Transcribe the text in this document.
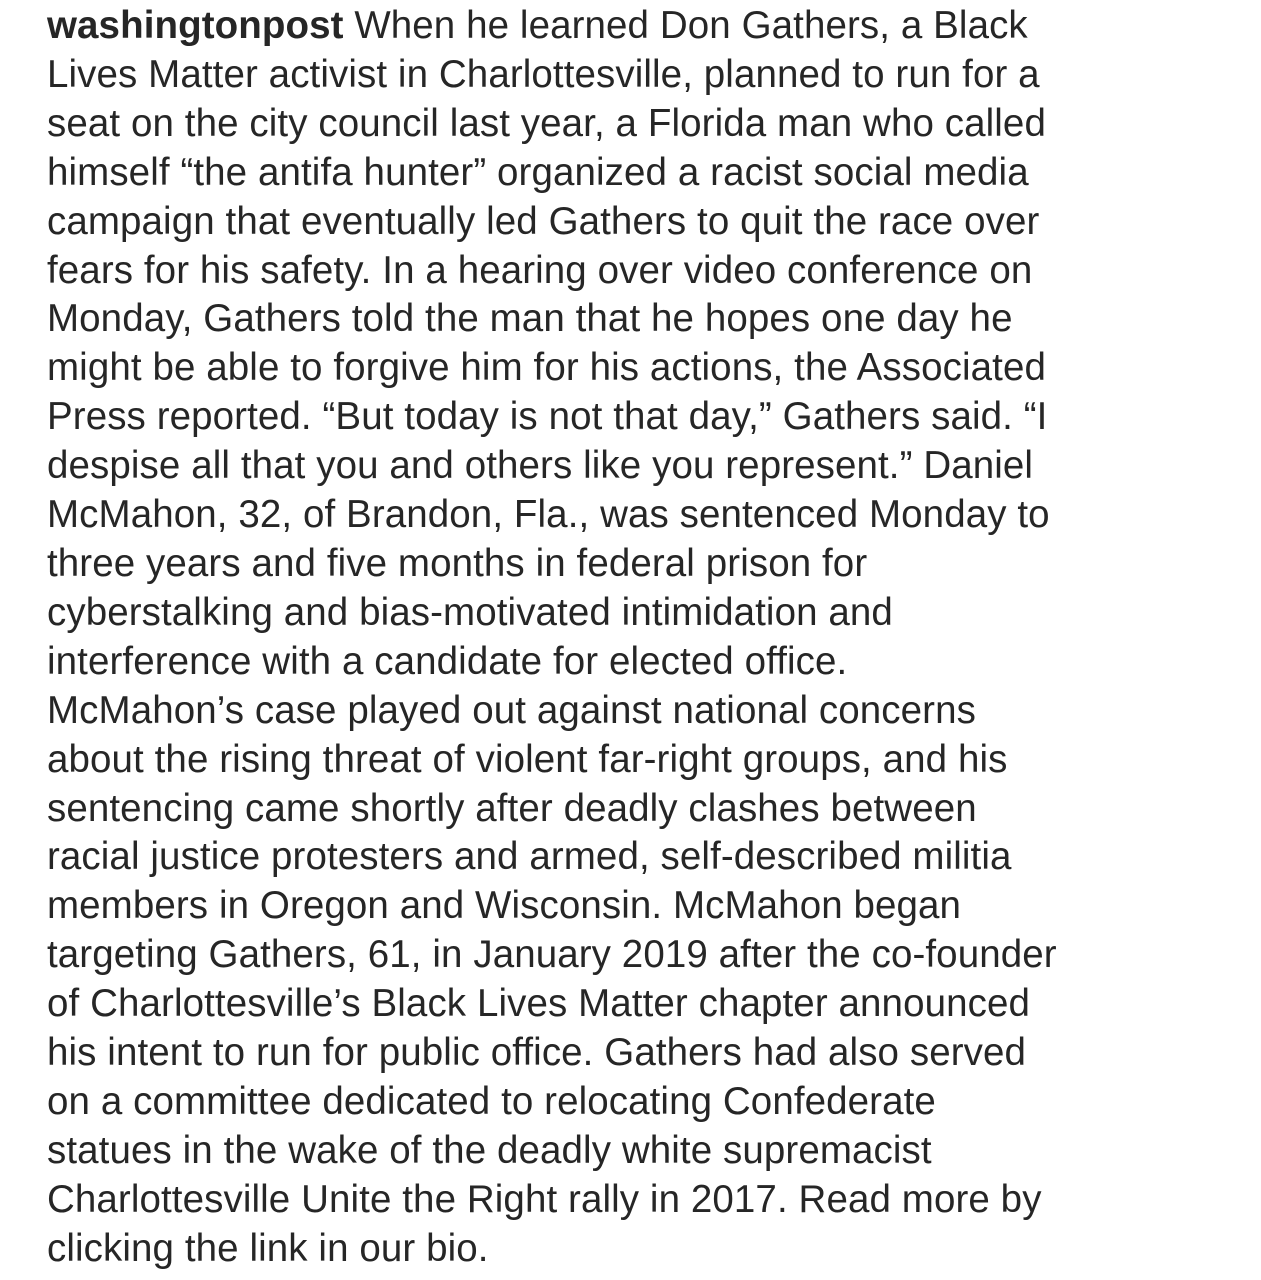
washingtonpost When he learned Don Gathers, a Black
Lives Matter activist in Charlottesville, planned to run for a
seat on the city council last year, a Florida man who called
himself “the antifa hunter” organized a racist social media
campaign that eventually led Gathers to quit the race over
fears for his safety. In a hearing over video conference on
Monday, Gathers told the man that he hopes one day he
might be able to forgive him for his actions, the Associated
Press reported. “But today is not that day,” Gathers said. “I
despise all that you and others like you represent.” Daniel
McMahon, 32, of Brandon, Fla., was sentenced Monday to
three years and five months in federal prison for
cyberstalking and bias-motivated intimidation and
interference with a candidate for elected office.
McMahon’s case played out against national concerns
about the rising threat of violent far-right groups, and his
sentencing came shortly after deadly clashes between
racial justice protesters and armed, self-described militia
members in Oregon and Wisconsin. McMahon began
targeting Gathers, 61, in January 2019 after the co-founder
of Charlottesville’s Black Lives Matter chapter announced
his intent to run for public office. Gathers had also served
on a committee dedicated to relocating Confederate
statues in the wake of the deadly white supremacist
Charlottesville Unite the Right rally in 2017. Read more by
clicking the link in our bio.
